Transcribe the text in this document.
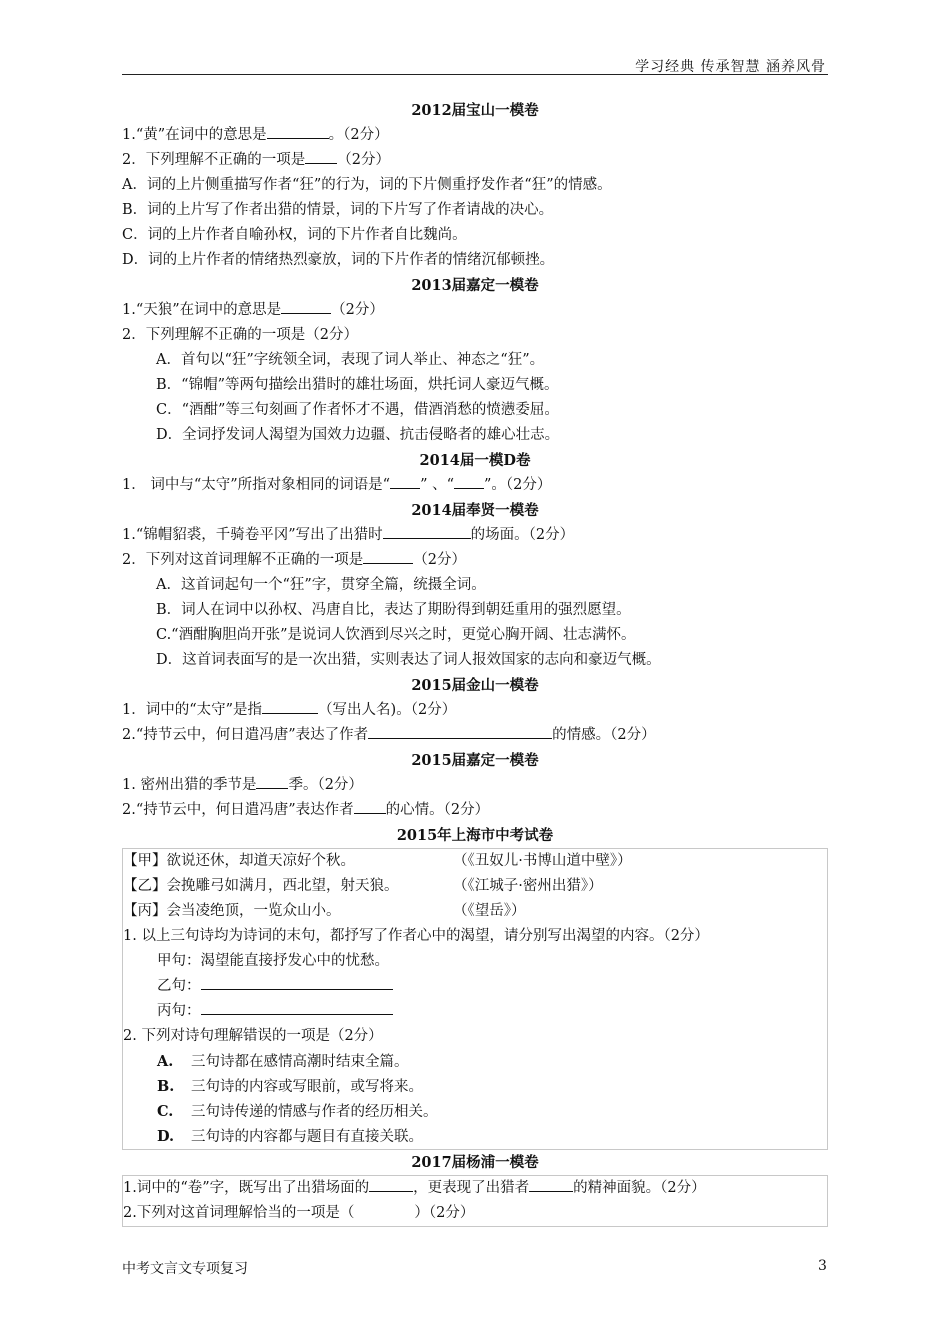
学习经典 传承智慧 涵养风骨
2012届宝山一模卷
1.“黄”在词中的意思是	。（2分）
2．下列理解不正确的一项是 （2分）
A．词的上片侧重描写作者“狂”的行为，词的下片侧重抒发作者“狂”的情感。
B．词的上片写了作者出猎的情景，词的下片写了作者请战的决心。
C．词的上片作者自喻孙权，词的下片作者自比魏尚。
D．词的上片作者的情绪热烈豪放，词的下片作者的情绪沉郁顿挫。
2013届嘉定一模卷
1.“天狼”在词中的意思是	（2分）
2．下列理解不正确的一项是（2分）
A．首句以“狂”字统领全词，表现了词人举止、神态之“狂”。
B．“锦帽”等两句描绘出猎时的雄壮场面，烘托词人豪迈气概。
C．“酒酣”等三句刻画了作者怀才不遇，借酒消愁的愤懑委屈。
D．全词抒发词人渴望为国效力边疆、抗击侵略者的雄心壮志。
2014届一模D卷
1． 词中与“太守”所指对象相同的词语是“ ” 、“ ”。（2分）
2014届奉贤一模卷
1.“锦帽貂裘，千骑卷平冈”写出了出猎时	的场面。（2分）
2．下列对这首词理解不正确的一项是	（2分）
A．这首词起句一个“狂”字，贯穿全篇，统摄全词。
B．词人在词中以孙权、冯唐自比，表达了期盼得到朝廷重用的强烈愿望。
C.“酒酣胸胆尚开张”是说词人饮酒到尽兴之时，更觉心胸开阔、壮志满怀。
D．这首词表面写的是一次出猎，实则表达了词人报效国家的志向和豪迈气概。
2015届金山一模卷
1．词中的“太守”是指	（写出人名)。（2分）
2.“持节云中，何日遣冯唐”表达了作者	的情感。（2分）
2015届嘉定一模卷
1. 密州出猎的季节是 季。（2分）
2.“持节云中，何日遣冯唐”表达作者 的心情。（2分）
2015年上海市中考试卷
【甲】欲说还休，却道天凉好个秋。	（《丑奴儿·书博山道中壁》）
【乙】会挽雕弓如满月，西北望，射天狼。	（《江城子·密州出猎》）
【丙】会当凌绝顶，一览众山小。	（《望岳》）
1. 以上三句诗均为诗词的末句，都抒写了作者心中的渴望，请分别写出渴望的内容。（2分）
甲句：渴望能直接抒发心中的忧愁。
乙句：
丙句：
2. 下列对诗句理解错误的一项是（2分）
A. 三句诗都在感情高潮时结束全篇。
B. 三句诗的内容或写眼前，或写将来。
C. 三句诗传递的情感与作者的经历相关。
D. 三句诗的内容都与题目有直接关联。
2017届杨浦一模卷
1.词中的“卷”字，既写出了出猎场面的	，更表现了出猎者	的精神面貌。（2分）
2.下列对这首词理解恰当的一项是（	）（2分）
中考文言文专项复习	3
